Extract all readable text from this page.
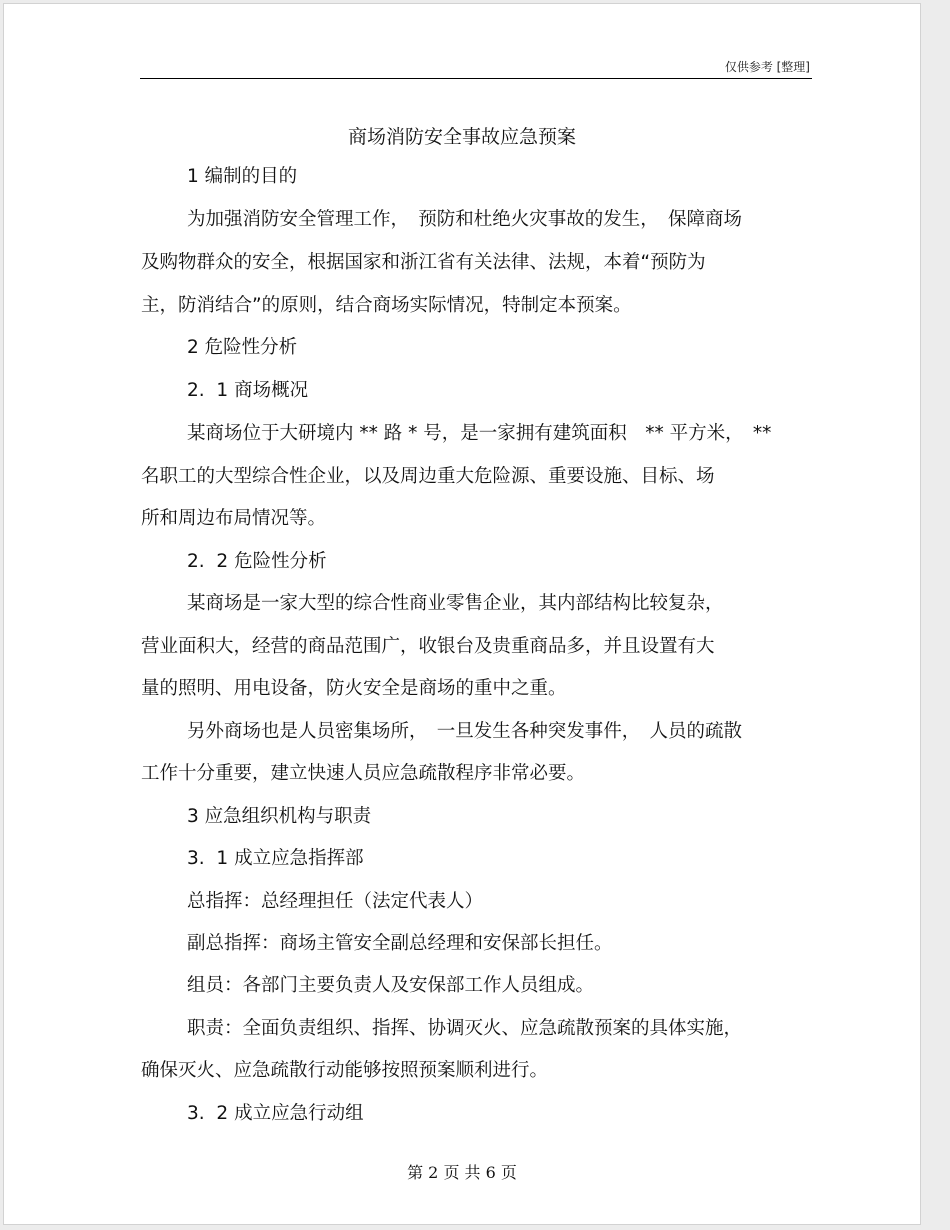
仅供参考 [整理]
商场消防安全事故应急预案
1 编制的目的
为加强消防安全管理工作，　预防和杜绝火灾事故的发生，　保障商场
及购物群众的安全，根据国家和浙江省有关法律、法规，本着“预防为
主，防消结合”的原则，结合商场实际情况，特制定本预案。
2 危险性分析
2.  1 商场概况
某商场位于大研境内 ** 路 * 号，是一家拥有建筑面积　** 平方米，　**
名职工的大型综合性企业，以及周边重大危险源、重要设施、目标、场
所和周边布局情况等。
2.  2 危险性分析
某商场是一家大型的综合性商业零售企业，其内部结构比较复杂，
营业面积大，经营的商品范围广，收银台及贵重商品多，并且设置有大
量的照明、用电设备，防火安全是商场的重中之重。
另外商场也是人员密集场所，　一旦发生各种突发事件，　人员的疏散
工作十分重要，建立快速人员应急疏散程序非常必要。
3 应急组织机构与职责
3.  1 成立应急指挥部
总指挥：总经理担任（法定代表人）
副总指挥：商场主管安全副总经理和安保部长担任。
组员：各部门主要负责人及安保部工作人员组成。
职责：全面负责组织、指挥、协调灭火、应急疏散预案的具体实施，
确保灭火、应急疏散行动能够按照预案顺利进行。
3.  2 成立应急行动组
第 2 页 共 6 页
